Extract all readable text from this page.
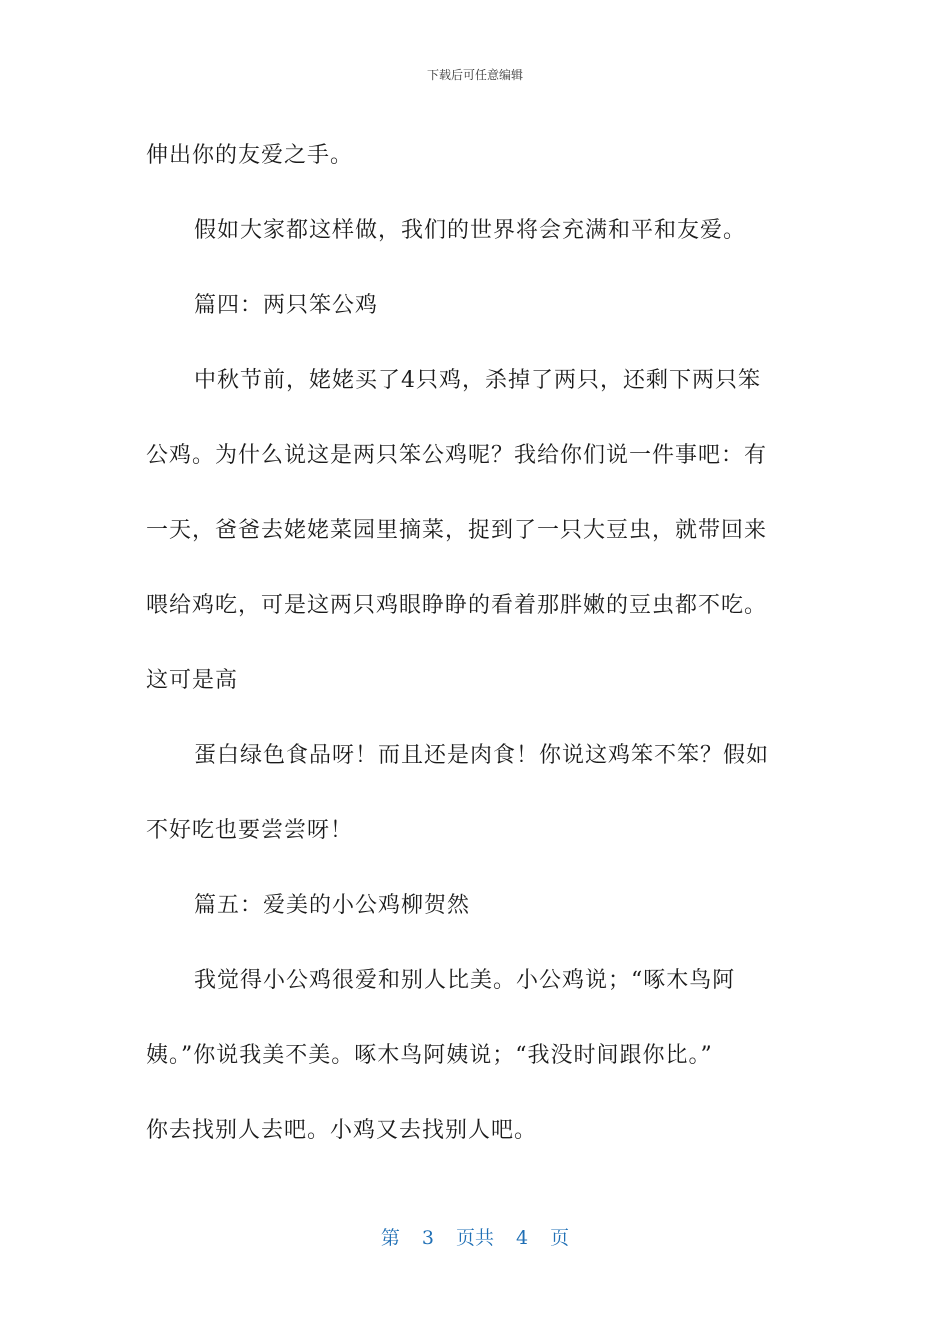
下载后可任意编辑
伸出你的友爱之手。
假如大家都这样做，我们的世界将会充满和平和友爱。
篇四：两只笨公鸡
中秋节前，姥姥买了4只鸡，杀掉了两只，还剩下两只笨
公鸡。为什么说这是两只笨公鸡呢？我给你们说一件事吧：有
一天，爸爸去姥姥菜园里摘菜，捉到了一只大豆虫，就带回来
喂给鸡吃，可是这两只鸡眼睁睁的看着那胖嫩的豆虫都不吃。
这可是高
蛋白绿色食品呀！而且还是肉食！你说这鸡笨不笨？假如
不好吃也要尝尝呀！
篇五：爱美的小公鸡柳贺然
我觉得小公鸡很爱和别人比美。小公鸡说；“啄木鸟阿
姨。”你说我美不美。啄木鸟阿姨说；“我没时间跟你比。”
你去找别人去吧。小鸡又去找别人吧。
第 3 页共 4 页
